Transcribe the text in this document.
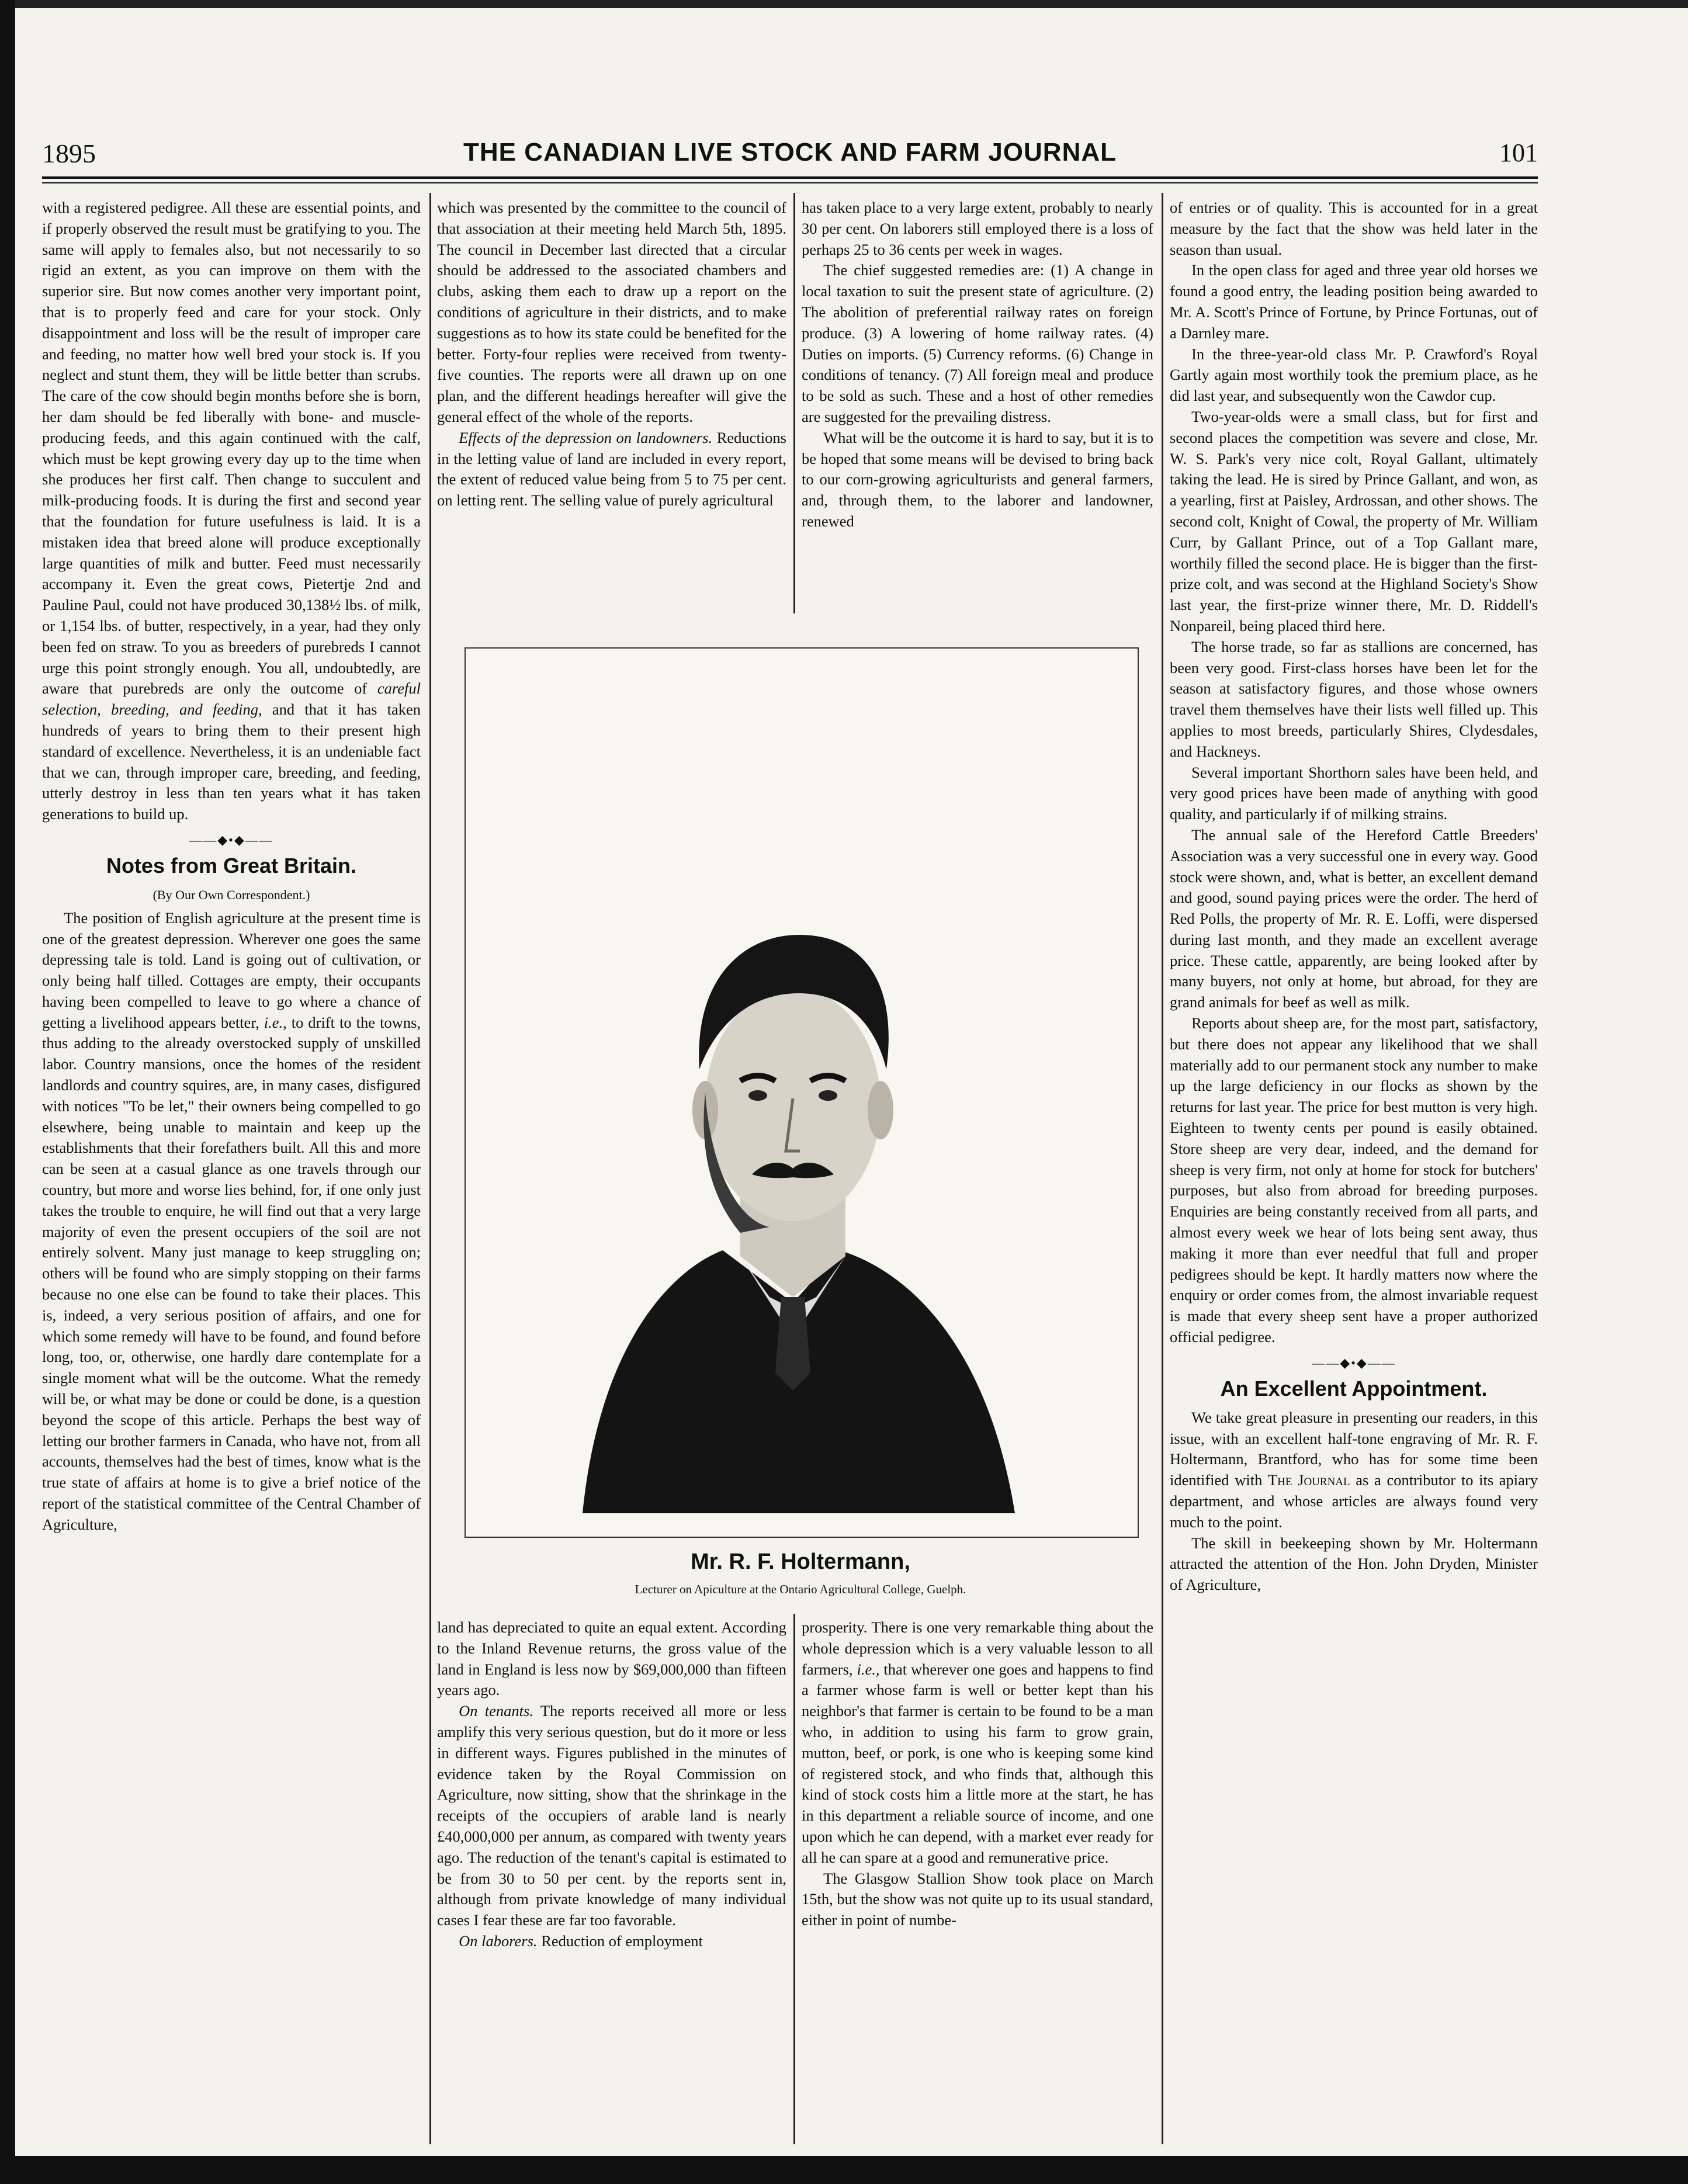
1895	THE CANADIAN LIVE STOCK AND FARM JOURNAL	101

with a registered pedigree. All these are essential points, and if properly observed the result must be gratifying to you. The same will apply to females also, but not necessarily to so rigid an extent, as you can improve on them with the superior sire. But now comes another very important point, that is to properly feed and care for your stock. Only disappointment and loss will be the result of improper care and feeding, no matter how well bred your stock is. If you neglect and stunt them, they will be little better than scrubs. The care of the cow should begin months before she is born, her dam should be fed liberally with bone- and muscle-producing feeds, and this again continued with the calf, which must be kept growing every day up to the time when she produces her first calf. Then change to succulent and milk-producing foods. It is during the first and second year that the foundation for future usefulness is laid. It is a mistaken idea that breed alone will produce exceptionally large quantities of milk and butter. Feed must necessarily accompany it. Even the great cows, Pietertje 2nd and Pauline Paul, could not have produced 30,138½ lbs. of milk, or 1,154 lbs. of butter, respectively, in a year, had they only been fed on straw. To you as breeders of purebreds I cannot urge this point strongly enough. You all, undoubtedly, are aware that purebreds are only the outcome of careful selection, breeding, and feeding, and that it has taken hundreds of years to bring them to their present high standard of excellence. Nevertheless, it is an undeniable fact that we can, through improper care, breeding, and feeding, utterly destroy in less than ten years what it has taken generations to build up.

——◆•◆——
Notes from Great Britain.
(By Our Own Correspondent.)

The position of English agriculture at the present time is one of the greatest depression. Wherever one goes the same depressing tale is told. Land is going out of cultivation, or only being half tilled. Cottages are empty, their occupants having been compelled to leave to go where a chance of getting a livelihood appears better, i.e., to drift to the towns, thus adding to the already overstocked supply of unskilled labor. Country mansions, once the homes of the resident landlords and country squires, are, in many cases, disfigured with notices "To be let," their owners being compelled to go elsewhere, being unable to maintain and keep up the establishments that their forefathers built. All this and more can be seen at a casual glance as one travels through our country, but more and worse lies behind, for, if one only just takes the trouble to enquire, he will find out that a very large majority of even the present occupiers of the soil are not entirely solvent. Many just manage to keep struggling on; others will be found who are simply stopping on their farms because no one else can be found to take their places. This is, indeed, a very serious position of affairs, and one for which some remedy will have to be found, and found before long, too, or, otherwise, one hardly dare contemplate for a single moment what will be the outcome. What the remedy will be, or what may be done or could be done, is a question beyond the scope of this article. Perhaps the best way of letting our brother farmers in Canada, who have not, from all accounts, themselves had the best of times, know what is the true state of affairs at home is to give a brief notice of the report of the statistical committee of the Central Chamber of Agriculture,

which was presented by the committee to the council of that association at their meeting held March 5th, 1895. The council in December last directed that a circular should be addressed to the associated chambers and clubs, asking them each to draw up a report on the conditions of agriculture in their districts, and to make suggestions as to how its state could be benefited for the better. Forty-four replies were received from twenty-five counties. The reports were all drawn up on one plan, and the different headings hereafter will give the general effect of the whole of the reports.

Effects of the depression on landowners. Reductions in the letting value of land are included in every report, the extent of reduced value being from 5 to 75 per cent. on letting rent. The selling value of purely agricultural

has taken place to a very large extent, probably to nearly 30 per cent. On laborers still employed there is a loss of perhaps 25 to 36 cents per week in wages.

The chief suggested remedies are: (1) A change in local taxation to suit the present state of agriculture. (2) The abolition of preferential railway rates on foreign produce. (3) A lowering of home railway rates. (4) Duties on imports. (5) Currency reforms. (6) Change in conditions of tenancy. (7) All foreign meal and produce to be sold as such. These and a host of other remedies are suggested for the prevailing distress.

What will be the outcome it is hard to say, but it is to be hoped that some means will be devised to bring back to our corn-growing agriculturists and general farmers, and, through them, to the laborer and landowner, renewed

Mr. R. F. Holtermann,
Lecturer on Apiculture at the Ontario Agricultural College, Guelph.

land has depreciated to quite an equal extent. According to the Inland Revenue returns, the gross value of the land in England is less now by $69,000,000 than fifteen years ago.

On tenants. The reports received all more or less amplify this very serious question, but do it more or less in different ways. Figures published in the minutes of evidence taken by the Royal Commission on Agriculture, now sitting, show that the shrinkage in the receipts of the occupiers of arable land is nearly £40,000,000 per annum, as compared with twenty years ago. The reduction of the tenant's capital is estimated to be from 30 to 50 per cent. by the reports sent in, although from private knowledge of many individual cases I fear these are far too favorable.

On laborers. Reduction of employment

prosperity. There is one very remarkable thing about the whole depression which is a very valuable lesson to all farmers, i.e., that wherever one goes and happens to find a farmer whose farm is well or better kept than his neighbor's that farmer is certain to be found to be a man who, in addition to using his farm to grow grain, mutton, beef, or pork, is one who is keeping some kind of registered stock, and who finds that, although this kind of stock costs him a little more at the start, he has in this department a reliable source of income, and one upon which he can depend, with a market ever ready for all he can spare at a good and remunerative price.

The Glasgow Stallion Show took place on March 15th, but the show was not quite up to its usual standard, either in point of numbe-

of entries or of quality. This is accounted for in a great measure by the fact that the show was held later in the season than usual.

In the open class for aged and three year old horses we found a good entry, the leading position being awarded to Mr. A. Scott's Prince of Fortune, by Prince Fortunas, out of a Darnley mare.

In the three-year-old class Mr. P. Crawford's Royal Gartly again most worthily took the premium place, as he did last year, and subsequently won the Cawdor cup.

Two-year-olds were a small class, but for first and second places the competition was severe and close, Mr. W. S. Park's very nice colt, Royal Gallant, ultimately taking the lead. He is sired by Prince Gallant, and won, as a yearling, first at Paisley, Ardrossan, and other shows. The second colt, Knight of Cowal, the property of Mr. William Curr, by Gallant Prince, out of a Top Gallant mare, worthily filled the second place. He is bigger than the first-prize colt, and was second at the Highland Society's Show last year, the first-prize winner there, Mr. D. Riddell's Nonpareil, being placed third here.

The horse trade, so far as stallions are concerned, has been very good. First-class horses have been let for the season at satisfactory figures, and those whose owners travel them themselves have their lists well filled up. This applies to most breeds, particularly Shires, Clydesdales, and Hackneys.

Several important Shorthorn sales have been held, and very good prices have been made of anything with good quality, and particularly if of milking strains.

The annual sale of the Hereford Cattle Breeders' Association was a very successful one in every way. Good stock were shown, and, what is better, an excellent demand and good, sound paying prices were the order. The herd of Red Polls, the property of Mr. R. E. Loffi, were dispersed during last month, and they made an excellent average price. These cattle, apparently, are being looked after by many buyers, not only at home, but abroad, for they are grand animals for beef as well as milk.

Reports about sheep are, for the most part, satisfactory, but there does not appear any likelihood that we shall materially add to our permanent stock any number to make up the large deficiency in our flocks as shown by the returns for last year. The price for best mutton is very high. Eighteen to twenty cents per pound is easily obtained. Store sheep are very dear, indeed, and the demand for sheep is very firm, not only at home for stock for butchers' purposes, but also from abroad for breeding purposes. Enquiries are being constantly received from all parts, and almost every week we hear of lots being sent away, thus making it more than ever needful that full and proper pedigrees should be kept. It hardly matters now where the enquiry or order comes from, the almost invariable request is made that every sheep sent have a proper authorized official pedigree.

——◆•◆——
An Excellent Appointment.

We take great pleasure in presenting our readers, in this issue, with an excellent half-tone engraving of Mr. R. F. Holtermann, Brantford, who has for some time been identified with The Journal as a contributor to its apiary department, and whose articles are always found very much to the point.

The skill in beekeeping shown by Mr. Holtermann attracted the attention of the Hon. John Dryden, Minister of Agriculture,
